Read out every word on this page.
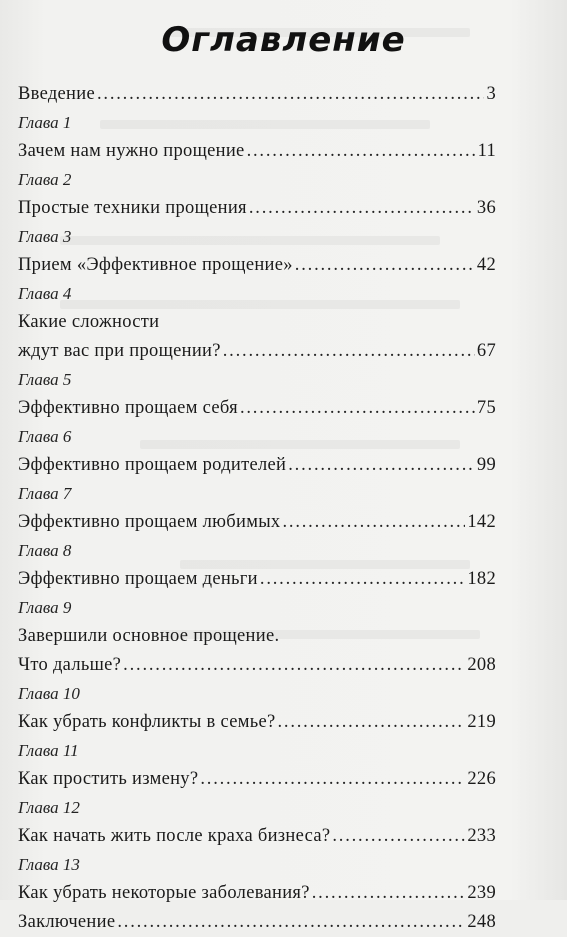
Оглавление
Введение .....	3
Глава 1
Зачем нам нужно прощение .....	11
Глава 2
Простые техники прощения .....	36
Глава 3
Прием «Эффективное прощение» .....	42
Глава 4
Какие сложности
ждут вас при прощении? .....	67
Глава 5
Эффективно прощаем себя .....	75
Глава 6
Эффективно прощаем родителей .....	99
Глава 7
Эффективно прощаем любимых .....	142
Глава 8
Эффективно прощаем деньги .....	182
Глава 9
Завершили основное прощение.
Что дальше? .....	208
Глава 10
Как убрать конфликты в семье? .....	219
Глава 11
Как простить измену? .....	226
Глава 12
Как начать жить после краха бизнеса? .....	233
Глава 13
Как убрать некоторые заболевания? .....	239
Заключение .....	248
